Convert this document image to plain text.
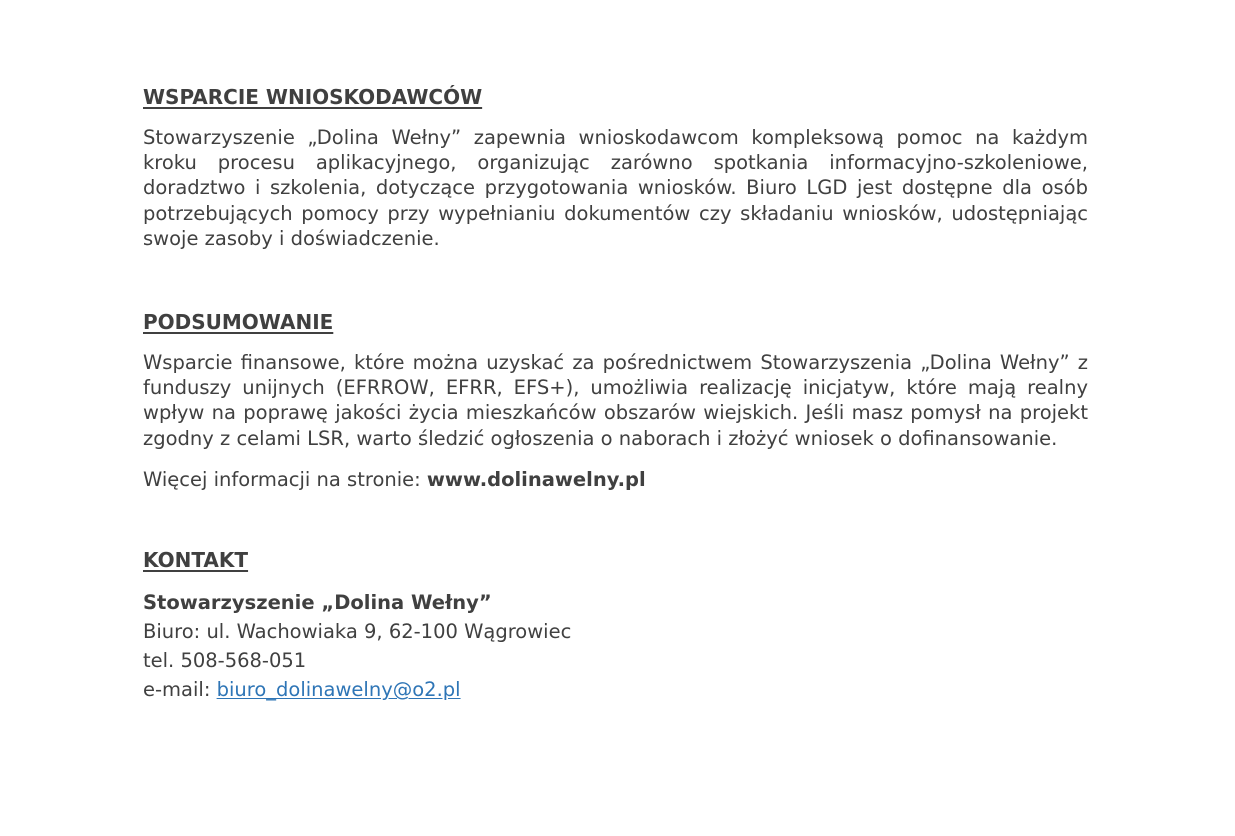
WSPARCIE WNIOSKODAWCÓW

Stowarzyszenie „Dolina Wełny” zapewnia wnioskodawcom kompleksową pomoc na każdym kroku procesu aplikacyjnego, organizując zarówno spotkania informacyjno-szkoleniowe, doradztwo i szkolenia, dotyczące przygotowania wniosków. Biuro LGD jest dostępne dla osób potrzebujących pomocy przy wypełnianiu dokumentów czy składaniu wniosków, udostępniając swoje zasoby i doświadczenie.

PODSUMOWANIE

Wsparcie finansowe, które można uzyskać za pośrednictwem Stowarzyszenia „Dolina Wełny” z funduszy unijnych (EFRROW, EFRR, EFS+), umożliwia realizację inicjatyw, które mają realny wpływ na poprawę jakości życia mieszkańców obszarów wiejskich. Jeśli masz pomysł na projekt zgodny z celami LSR, warto śledzić ogłoszenia o naborach i złożyć wniosek o dofinansowanie.

Więcej informacji na stronie: www.dolinawelny.pl

KONTAKT
Stowarzyszenie „Dolina Wełny”
Biuro: ul. Wachowiaka 9, 62-100 Wągrowiec
tel. 508-568-051
e-mail: biuro_dolinawelny@o2.pl
